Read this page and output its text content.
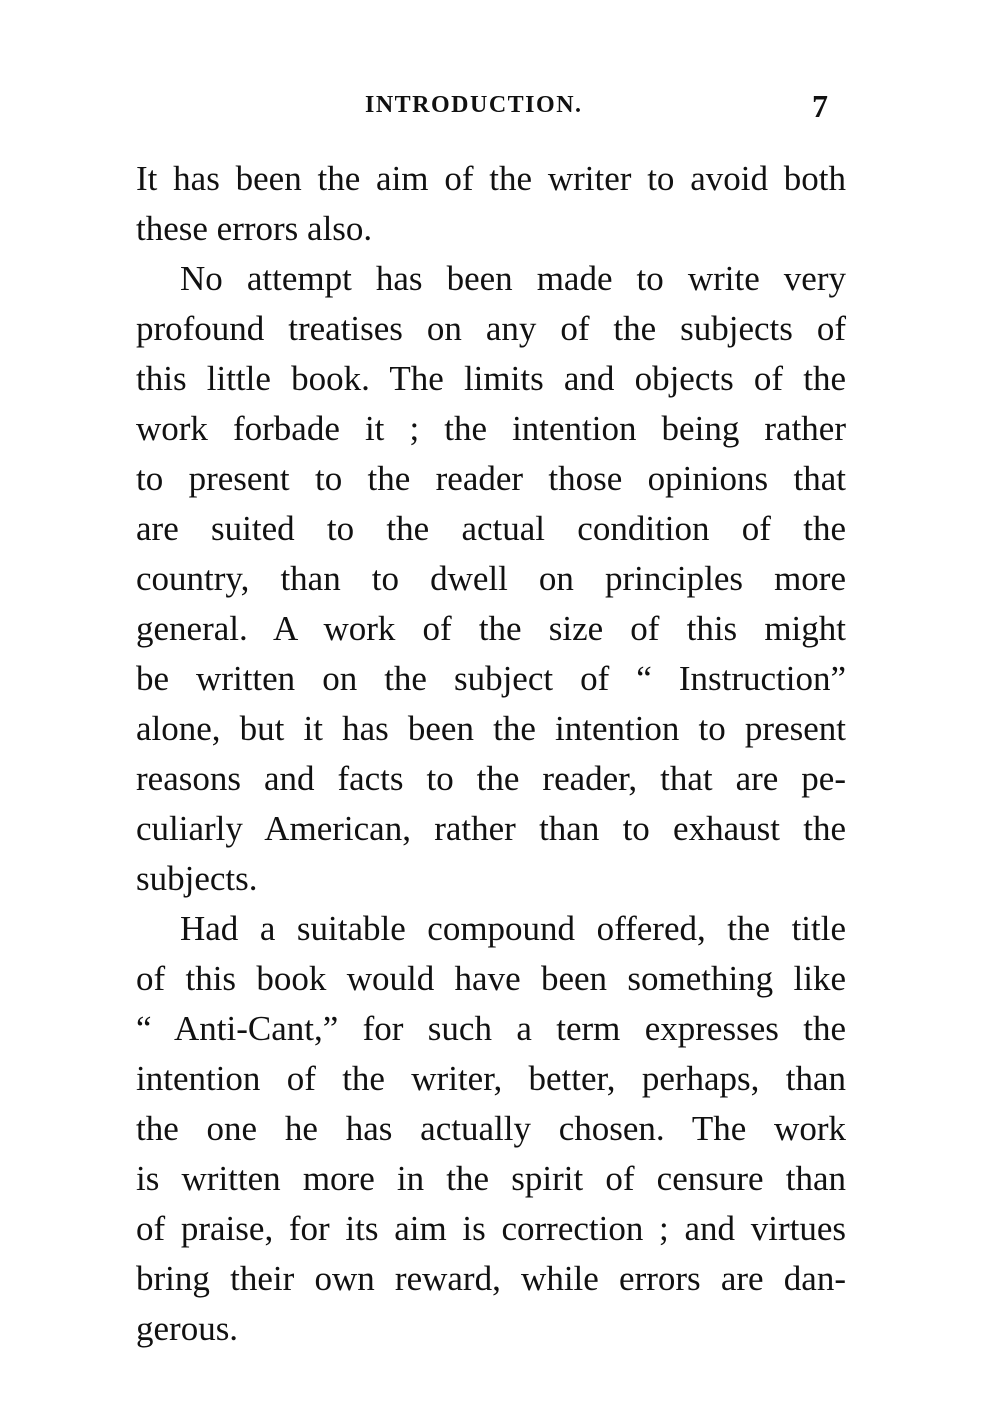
INTRODUCTION.	7
It has been the aim of the writer to avoid both
these errors also.
No attempt has been made to write very
profound treatises on any of the subjects of
this little book. The limits and objects of the
work forbade it ; the intention being rather
to present to the reader those opinions that
are suited to the actual condition of the
country, than to dwell on principles more
general. A work of the size of this might
be written on the subject of “ Instruction”
alone, but it has been the intention to present
reasons and facts to the reader, that are pe-
culiarly American, rather than to exhaust the
subjects.
Had a suitable compound offered, the title
of this book would have been something like
“ Anti-Cant,” for such a term expresses the
intention of the writer, better, perhaps, than
the one he has actually chosen. The work
is written more in the spirit of censure than
of praise, for its aim is correction ; and virtues
bring their own reward, while errors are dan-
gerous.
